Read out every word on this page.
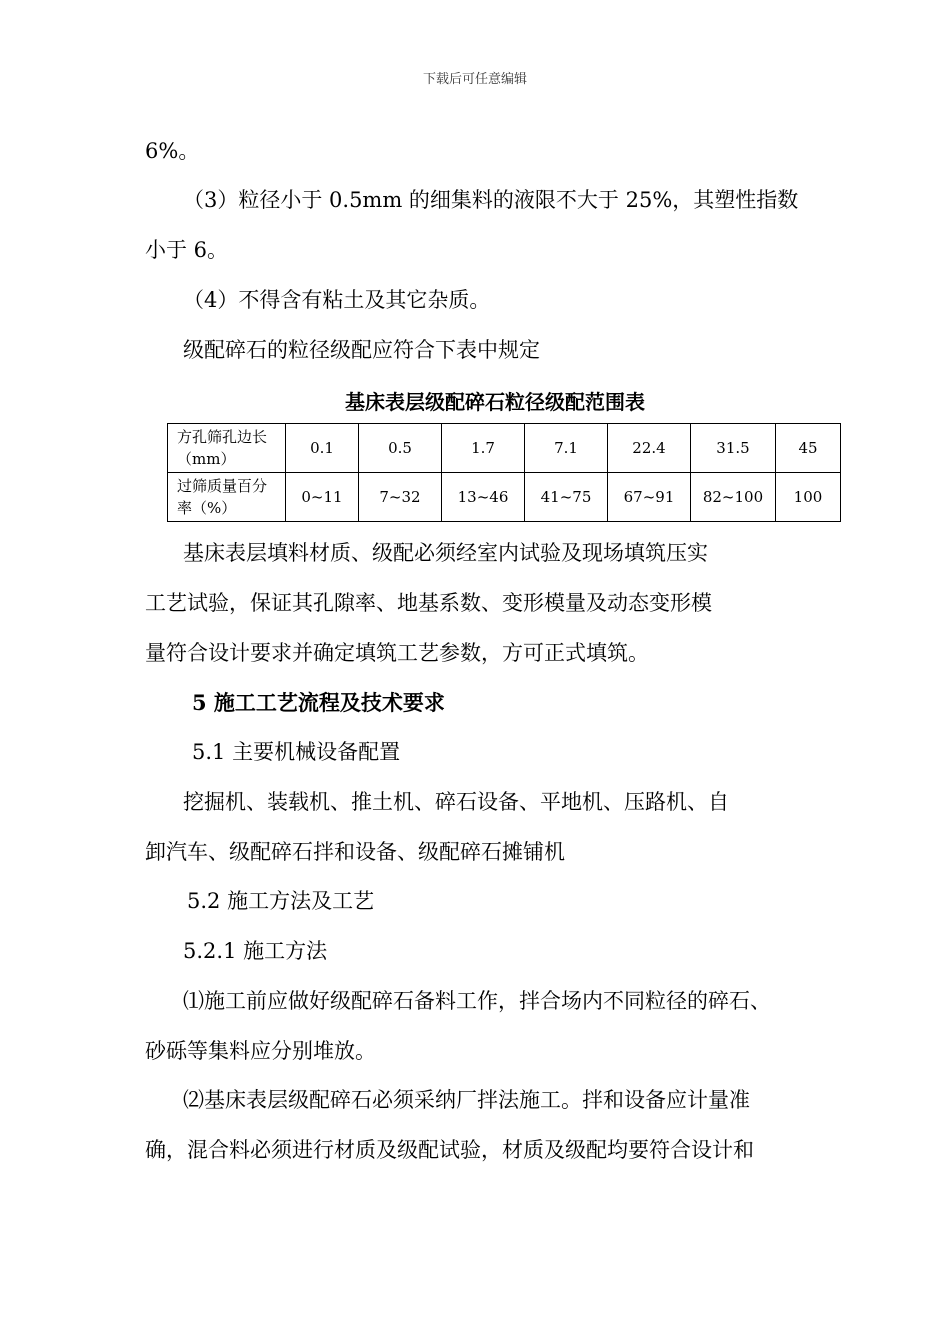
下载后可任意编辑
6%。
（3）粒径小于 0.5mm 的细集料的液限不大于 25%，其塑性指数
小于 6。
（4）不得含有粘土及其它杂质。
级配碎石的粒径级配应符合下表中规定
基床表层级配碎石粒径级配范围表
方孔筛孔边长（mm）	0.1	0.5	1.7	7.1	22.4	31.5	45
过筛质量百分率（%）	0~11	7~32	13~46	41~75	67~91	82~100	100
基床表层填料材质、级配必须经室内试验及现场填筑压实
工艺试验，保证其孔隙率、地基系数、变形模量及动态变形模
量符合设计要求并确定填筑工艺参数，方可正式填筑。
5 施工工艺流程及技术要求
5.1 主要机械设备配置
挖掘机、装载机、推土机、碎石设备、平地机、压路机、自
卸汽车、级配碎石拌和设备、级配碎石摊铺机
5.2 施工方法及工艺
5.2.1 施工方法
⑴施工前应做好级配碎石备料工作，拌合场内不同粒径的碎石、
砂砾等集料应分别堆放。
⑵基床表层级配碎石必须采纳厂拌法施工。拌和设备应计量准
确，混合料必须进行材质及级配试验，材质及级配均要符合设计和
